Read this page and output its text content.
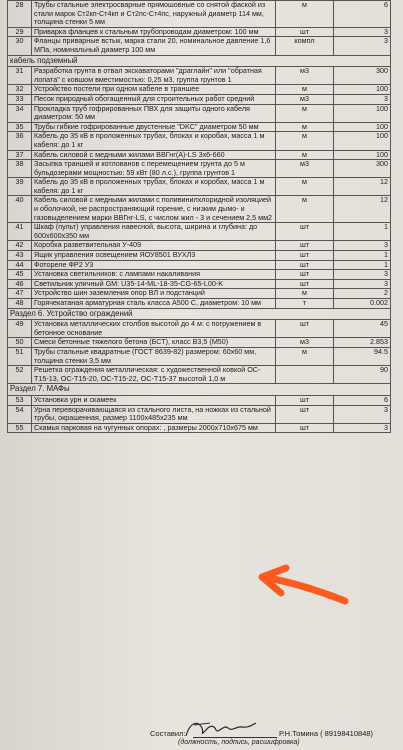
28	Трубы стальные электросварные прямошовные со снятой фаской из стали марок Ст2кп-Ст4кп и Ст2пс-Ст4пс, наружный диаметр 114 мм, толщина стенки 5 мм	м	6
29	Приварка фланцев к стальным трубопроводам диаметром: 100 мм	шт	3
30	Фланцы приварные встык, марка стали 20, номинальное давление 1,6 МПа, номинальный диаметр 100 мм	компл	3
кабель подземный			
31	Разработка грунта в отвал экскаваторами "драглайн" или "обратная лопата" с ковшом вместимостью: 0,25 м3, группа грунтов 1	м3	300
32	Устройство постели при одном кабеле в траншее	м	100
33	Песок природный обогащенный для строительных работ средний	м3	3
34	Прокладка труб гофрированных ПВХ для защиты одного кабеля диаметром: 50 мм	м	100
35	Трубы гибкие гофрированные двустенные "DKC" диаметром 50 мм	м	100
36	Кабель до 35 кВ в проложенных трубах, блоках и коробах, масса 1 м кабеля: до 1 кг	м	100
37	Кабель силовой с медными жилами ВВГнг(А)-LS 3х6-660	м	100
38	Засыпка траншей и котлованов с перемещением грунта до 5 м бульдозерами мощностью: 59 кВт (80 л.с.), группа грунтов 1	м3	300
39	Кабель до 35 кВ в проложенных трубах, блоках и коробах, масса 1 м кабеля: до 1 кг	м	12
40	Кабель силовой с медными жилами с поливинилхлоридной изоляцией и оболочкой, не распространяющий горение, с низким дымо- и газовыделением марки ВВГнг-LS, с числом жил - 3 и сечением 2,5 мм2	м	12
41	Шкаф (пульт) управления навесной, высота, ширина и глубина: до 600х600х350 мм	шт	1
42	Коробка разветвительная У-409	шт	3
43	Ящик управления освещением ЯОУ8501 ВУХЛ3	шт	1
44	Фотореле ФР2 У3	шт	1
45	Установка светильников: с лампами накаливания	шт	3
46	Светильник уличный GM: U35-14-ML-18-35-CG-65-L00-K	шт	3
47	Устройство шин заземления опор ВЛ и подстанций	м	2
48	Горячекатаная арматурная сталь класса А500 С, диаметром: 10 мм	т	0.002
Раздел 6. Устройство ограждений			
49	Установка металлических столбов высотой до 4 м: с погружением в бетонное основание	шт	45
50	Смеси бетонные тяжелого бетона (БСТ), класс В3,5 (М50)	м3	2.853
51	Трубы стальные квадратные (ГОСТ 8639-82) размером: 60х60 мм, толщина стенки 3,5 мм	м	94.5
52	Решетка ограждения металлическая: с художественной ковкой ОС-Т15-13, ОС-Т15-20, ОС-Т15-22, ОС-Т15-37 высотой 1,0 м		90
Раздел 7. МАФы			
53	Установка урн и скамеек	шт	6
54	Урна переворачивающаяся из стального листа, на ножках из стальной трубы, окрашенная, размер 1100х485х235 мм	шт	3
55	Скамья парковая на чугунных опорах: , размеры 2000х710х675 мм	шт	3
Составил:	Р.Н.Томина ( 89198410848)
(должность, подпись, расшифровка)
